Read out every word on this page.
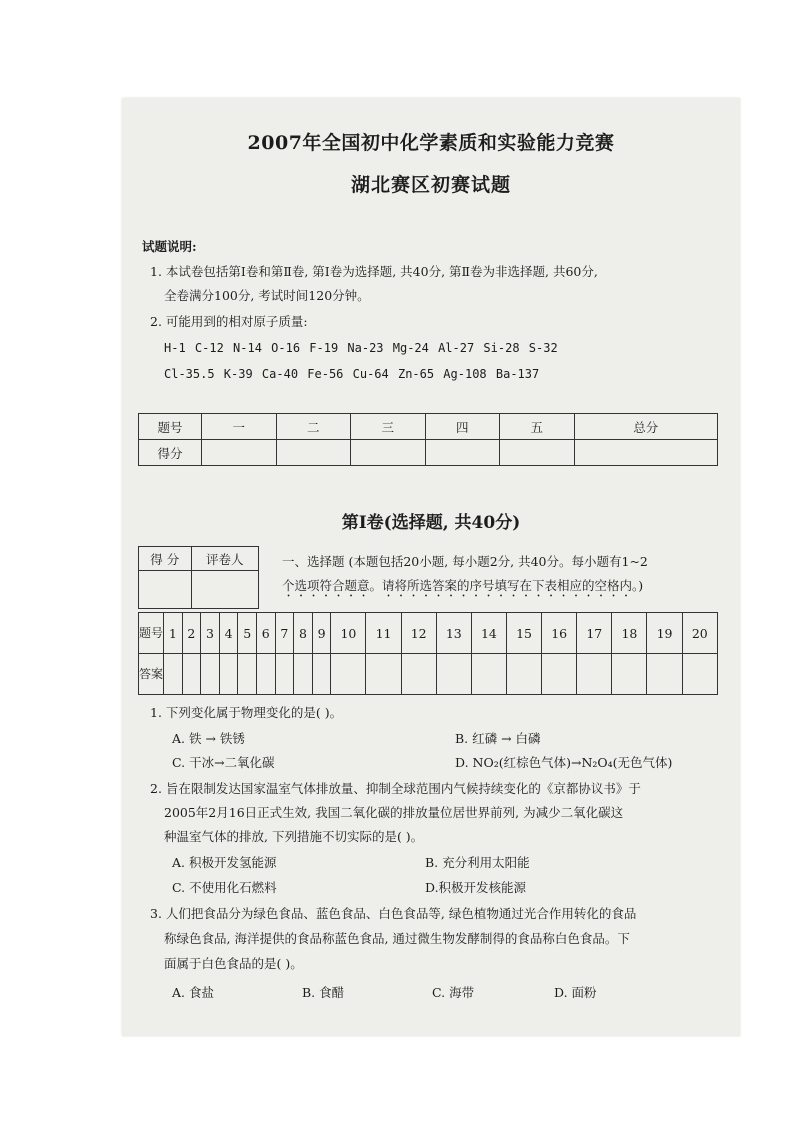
2007年全国初中化学素质和实验能力竞赛
湖北赛区初赛试题
试题说明:
1. 本试卷包括第Ⅰ卷和第Ⅱ卷, 第Ⅰ卷为选择题, 共40分, 第Ⅱ卷为非选择题, 共60分,
全卷满分100分, 考试时间120分钟。
2. 可能用到的相对原子质量:
H-1 C-12 N-14 O-16 F-19 Na-23 Mg-24 Al-27 Si-28 S-32
Cl-35.5 K-39 Ca-40 Fe-56 Cu-64 Zn-65 Ag-108 Ba-137
题号	一	二	三	四	五	总分
得分						
第Ⅰ卷(选择题, 共40分)
得 分	评卷人
		一、选择题 (本题包括20小题, 每小题2分, 共40分。每小题有1~2
个选项符合题意。请将所选答案的序号填写在下表相应的空格内。)
题号	1	2	3	4	5	6	7	8	9	10	11	12	13	14	15	16	17	18	19	20
答案																				
1. 下列变化属于物理变化的是( )。
A. 铁 → 铁锈	B. 红磷 → 白磷
C. 干冰→二氧化碳	D. NO₂(红棕色气体)→N₂O₄(无色气体)
2. 旨在限制发达国家温室气体排放量、抑制全球范围内气候持续变化的《京都协议书》于
2005年2月16日正式生效, 我国二氧化碳的排放量位居世界前列, 为减少二氧化碳这
种温室气体的排放, 下列措施不切实际的是( )。
A. 积极开发氢能源	B. 充分利用太阳能
C. 不使用化石燃料	D.积极开发核能源
3. 人们把食品分为绿色食品、蓝色食品、白色食品等, 绿色植物通过光合作用转化的食品
称绿色食品, 海洋提供的食品称蓝色食品, 通过微生物发酵制得的食品称白色食品。下
面属于白色食品的是( )。
A. 食盐	B. 食醋	C. 海带	D. 面粉
